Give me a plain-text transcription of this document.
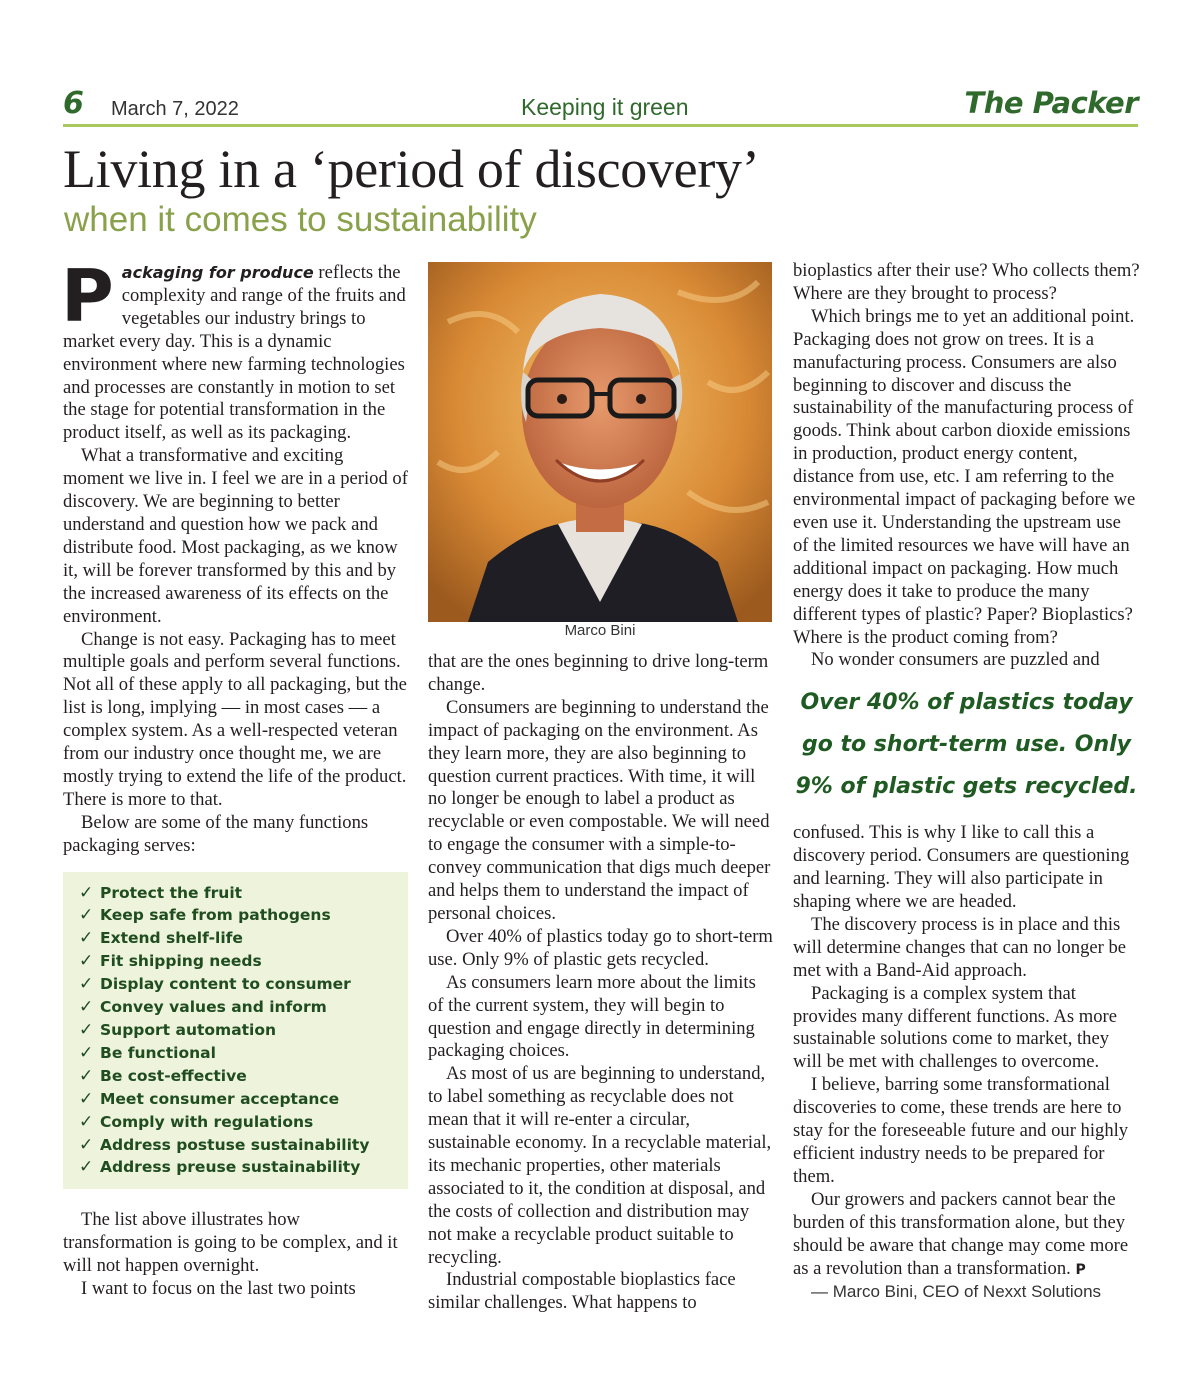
6 March 7, 2022	Keeping it green	The Packer
Living in a ‘period of discovery’
when it comes to sustainability

Packaging for produce reflects the complexity and range of the fruits and vegetables our industry brings to market every day. This is a dynamic environment where new farming technologies and processes are constantly in motion to set the stage for potential transformation in the product itself, as well as its packaging.

What a transformative and exciting moment we live in. I feel we are in a period of discovery. We are beginning to better understand and question how we pack and distribute food. Most packaging, as we know it, will be forever transformed by this and by the increased awareness of its effects on the environment.

Change is not easy. Packaging has to meet multiple goals and perform several functions. Not all of these apply to all packaging, but the list is long, implying — in most cases — a complex system. As a well-respected veteran from our industry once thought me, we are mostly trying to extend the life of the product. There is more to that.

Below are some of the many functions packaging serves:

✓ Protect the fruit
✓ Keep safe from pathogens
✓ Extend shelf-life
✓ Fit shipping needs
✓ Display content to consumer
✓ Convey values and inform
✓ Support automation
✓ Be functional
✓ Be cost-effective
✓ Meet consumer acceptance
✓ Comply with regulations
✓ Address postuse sustainability
✓ Address preuse sustainability

The list above illustrates how transformation is going to be complex, and it will not happen overnight.

I want to focus on the last two points

Marco Bini

that are the ones beginning to drive long-term change.

Consumers are beginning to understand the impact of packaging on the environment. As they learn more, they are also beginning to question current practices. With time, it will no longer be enough to label a product as recyclable or even compostable. We will need to engage the consumer with a simple-to-convey communication that digs much deeper and helps them to understand the impact of personal choices.

Over 40% of plastics today go to short-term use. Only 9% of plastic gets recycled.

As consumers learn more about the limits of the current system, they will begin to question and engage directly in determining packaging choices.

As most of us are beginning to understand, to label something as recyclable does not mean that it will re-enter a circular, sustainable economy. In a recyclable material, its mechanic properties, other materials associated to it, the condition at disposal, and the costs of collection and distribution may not make a recyclable product suitable to recycling.

Industrial compostable bioplastics face similar challenges. What happens to

bioplastics after their use? Who collects them? Where are they brought to process?

Which brings me to yet an additional point. Packaging does not grow on trees. It is a manufacturing process. Consumers are also beginning to discover and discuss the sustainability of the manufacturing process of goods. Think about carbon dioxide emissions in production, product energy content, distance from use, etc. I am referring to the environmental impact of packaging before we even use it. Understanding the upstream use of the limited resources we have will have an additional impact on packaging. How much energy does it take to produce the many different types of plastic? Paper? Bioplastics? Where is the product coming from?

No wonder consumers are puzzled and

Over 40% of plastics today go to short-term use. Only 9% of plastic gets recycled.

confused. This is why I like to call this a discovery period. Consumers are questioning and learning. They will also participate in shaping where we are headed.

The discovery process is in place and this will determine changes that can no longer be met with a Band-Aid approach.

Packaging is a complex system that provides many different functions. As more sustainable solutions come to market, they will be met with challenges to overcome.

I believe, barring some transformational discoveries to come, these trends are here to stay for the foreseeable future and our highly efficient industry needs to be prepared for them.

Our growers and packers cannot bear the burden of this transformation alone, but they should be aware that change may come more as a revolution than a transformation. P

— Marco Bini, CEO of Nexxt Solutions
